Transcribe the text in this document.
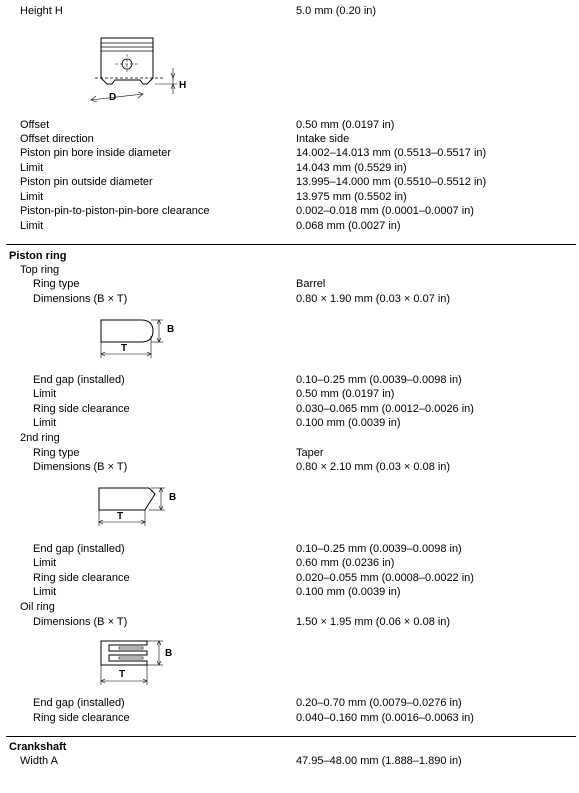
Height H	5.0 mm (0.20 in)
H
D
Offset	0.50 mm (0.0197 in)
Offset direction	Intake side
Piston pin bore inside diameter	14.002–14.013 mm (0.5513–0.5517 in)
Limit	14.043 mm (0.5529 in)
Piston pin outside diameter	13.995–14.000 mm (0.5510–0.5512 in)
Limit	13.975 mm (0.5502 in)
Piston-pin-to-piston-pin-bore clearance	0.002–0.018 mm (0.0001–0.0007 in)
Limit	0.068 mm (0.0027 in)
Piston ring
Top ring
Ring type	Barrel
Dimensions (B × T)	0.80 × 1.90 mm (0.03 × 0.07 in)
B
T
End gap (installed)	0.10–0.25 mm (0.0039–0.0098 in)
Limit	0.50 mm (0.0197 in)
Ring side clearance	0.030–0.065 mm (0.0012–0.0026 in)
Limit	0.100 mm (0.0039 in)
2nd ring
Ring type	Taper
Dimensions (B × T)	0.80 × 2.10 mm (0.03 × 0.08 in)
B
T
End gap (installed)	0.10–0.25 mm (0.0039–0.0098 in)
Limit	0.60 mm (0.0236 in)
Ring side clearance	0.020–0.055 mm (0.0008–0.0022 in)
Limit	0.100 mm (0.0039 in)
Oil ring
Dimensions (B × T)	1.50 × 1.95 mm (0.06 × 0.08 in)
B
T
End gap (installed)	0.20–0.70 mm (0.0079–0.0276 in)
Ring side clearance	0.040–0.160 mm (0.0016–0.0063 in)
Crankshaft
Width A	47.95–48.00 mm (1.888–1.890 in)
